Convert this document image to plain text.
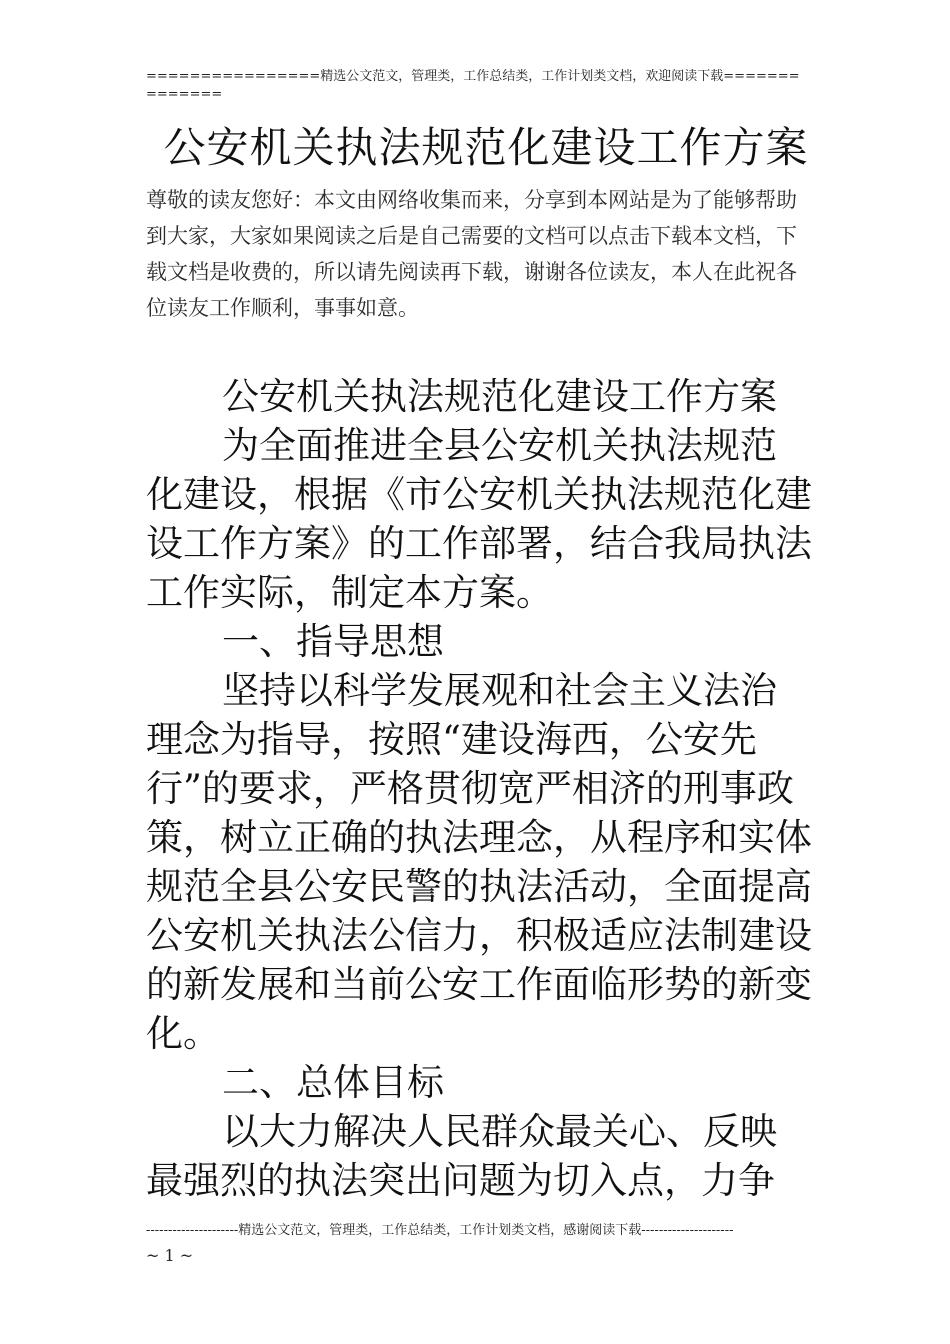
================精选公文范文，管理类，工作总结类，工作计划类文档，欢迎阅读下载==============
公安机关执法规范化建设工作方案
尊敬的读友您好：本文由网络收集而来，分享到本网站是为了能够帮助到大家，大家如果阅读之后是自己需要的文档可以点击下载本文档，下载文档是收费的，所以请先阅读再下载，谢谢各位读友，本人在此祝各位读友工作顺利，事事如意。

公安机关执法规范化建设工作方案

为全面推进全县公安机关执法规范化建设，根据《市公安机关执法规范化建设工作方案》的工作部署，结合我局执法工作实际，制定本方案。

一、指导思想

坚持以科学发展观和社会主义法治理念为指导，按照“建设海西，公安先行”的要求，严格贯彻宽严相济的刑事政策，树立正确的执法理念，从程序和实体规范全县公安民警的执法活动，全面提高公安机关执法公信力，积极适应法制建设的新发展和当前公安工作面临形势的新变化。

二、总体目标

以大力解决人民群众最关心、反映最强烈的执法突出问题为切入点，力争

---------------------精选公文范文，管理类，工作总结类，工作计划类文档，感谢阅读下载---------------------
~ 1 ~
